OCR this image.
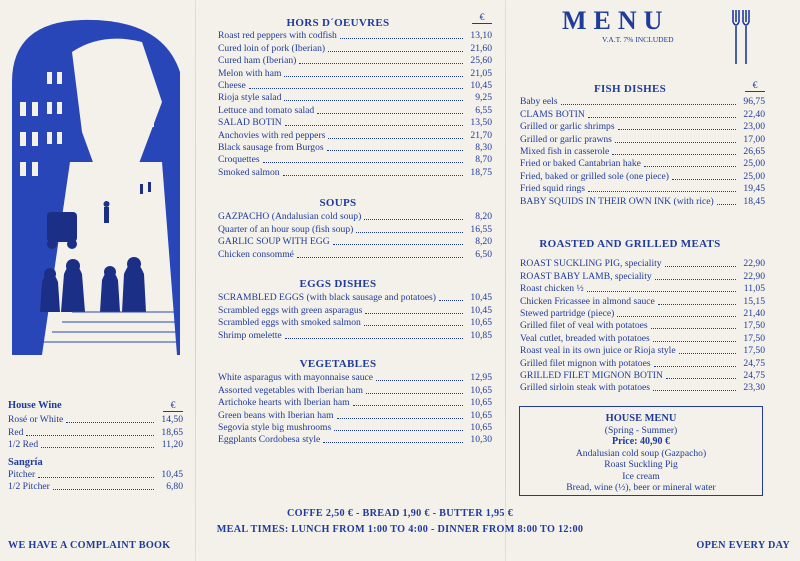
HORS D´OEUVRES	€
Roast red peppers with codfish	13,10
Cured loin of pork (Iberian)	21,60
Cured ham (Iberian)	25,60
Melon with ham	21,05
Cheese	10,45
Rioja style salad	9,25
Lettuce and tomato salad	6,55
SALAD BOTIN	13,50
Anchovies with red peppers	21,70
Black sausage from Burgos	8,30
Croquettes	8,70
Smoked salmon	18,75
SOUPS
GAZPACHO (Andalusian cold soup)	8,20
Quarter of an hour soup (fish soup)	16,55
GARLIC SOUP WITH EGG	8,20
Chicken consommé	6,50
EGGS DISHES
SCRAMBLED EGGS (with black sausage and potatoes)	10,45
Scrambled eggs with green asparagus	10,45
Scrambled eggs with smoked salmon	10,65
Shrimp omelette	10,85
VEGETABLES
White asparagus with mayonnaise sauce	12,95
Assorted vegetables with Iberian ham	10,65
Artichoke hearts with Iberian ham	10,65
Green beans with Iberian ham	10,65
Segovia style big mushrooms	10,65
Eggplants Cordobesa style	10,30
MENU
V.A.T. 7% INCLUDED
FISH DISHES	€
Baby eels	96,75
CLAMS BOTIN	22,40
Grilled or garlic shrimps	23,00
Grilled or garlic prawns	17,00
Mixed fish in casserole	26,65
Fried or baked Cantabrian hake	25,00
Fried, baked or grilled sole (one piece)	25,00
Fried squid rings	19,45
BABY SQUIDS IN THEIR OWN INK (with rice)	18,45
ROASTED AND GRILLED MEATS
ROAST SUCKLING PIG, speciality	22,90
ROAST BABY LAMB, speciality	22,90
Roast chicken ½	11,05
Chicken Fricassee in almond sauce	15,15
Stewed partridge (piece)	21,40
Grilled filet of veal with potatoes	17,50
Veal cutlet, breaded with potatoes	17,50
Roast veal in its own juice or Rioja style	17,50
Grilled filet mignon with potatoes	24,75
GRILLED FILET MIGNON BOTIN	24,75
Grilled sirloin steak with potatoes	23,30
HOUSE MENU
(Spring - Summer)
Price: 40,90 €
Andalusian cold soup (Gazpacho)
Roast Suckling Pig
Ice cream
Bread, wine (½), beer or mineral water
House Wine	€
Rosé or White	14,50
Red	18,65
1/2 Red	11,20
Sangría
Pitcher	10,45
1/2 Pitcher	6,80
COFFE 2,50 € - BREAD 1,90 € - BUTTER 1,95 €
MEAL TIMES: LUNCH FROM 1:00 TO 4:00 - DINNER FROM 8:00 TO 12:00
WE HAVE A COMPLAINT BOOK	OPEN EVERY DAY
